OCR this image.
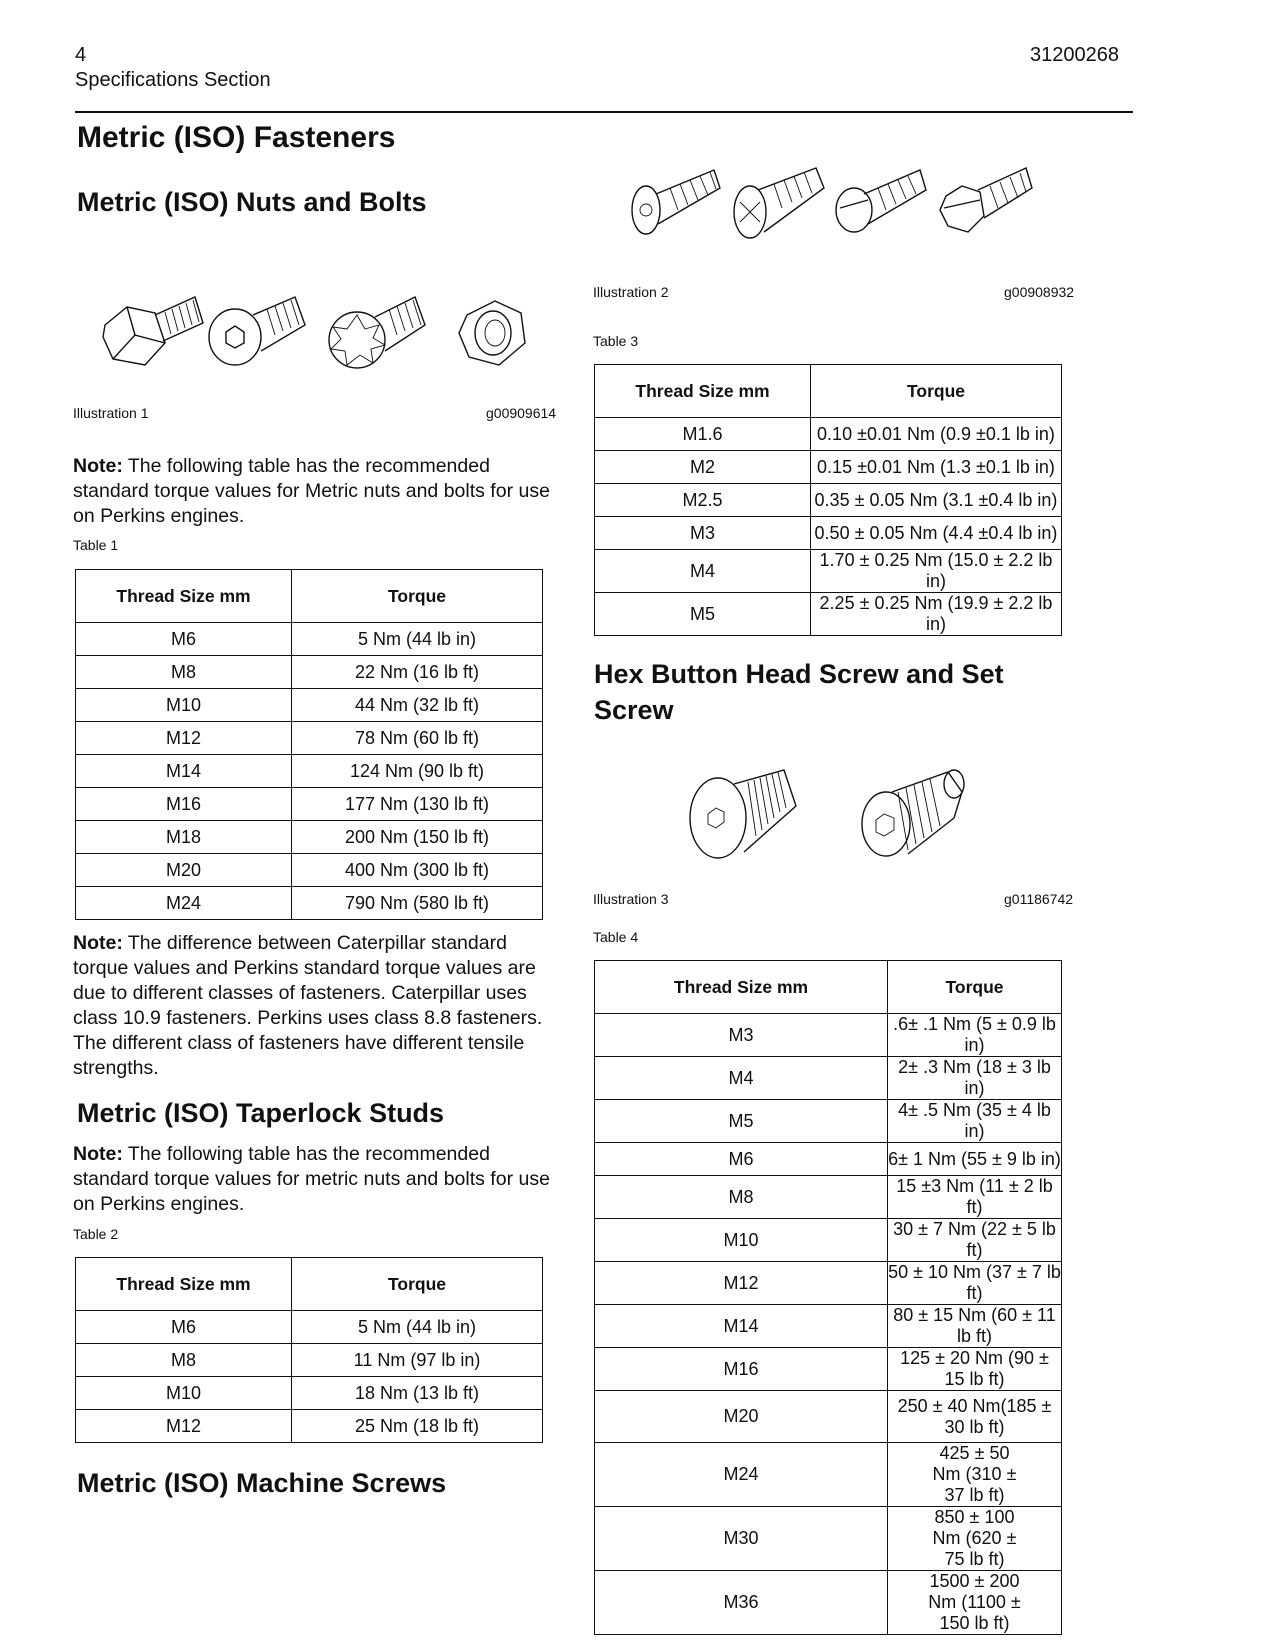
4
Specifications Section
31200268
Metric (ISO) Fasteners
Metric (ISO) Nuts and Bolts
Illustration 1	g00909614
Note: The following table has the recommended standard torque values for Metric nuts and bolts for use on Perkins engines.
Table 1
Thread Size mm	Torque
M6	5 Nm (44 lb in)
M8	22 Nm (16 lb ft)
M10	44 Nm (32 lb ft)
M12	78 Nm (60 lb ft)
M14	124 Nm (90 lb ft)
M16	177 Nm (130 lb ft)
M18	200 Nm (150 lb ft)
M20	400 Nm (300 lb ft)
M24	790 Nm (580 lb ft)
Note: The difference between Caterpillar standard torque values and Perkins standard torque values are due to different classes of fasteners. Caterpillar uses class 10.9 fasteners. Perkins uses class 8.8 fasteners. The different class of fasteners have different tensile strengths.
Metric (ISO) Taperlock Studs
Note: The following table has the recommended standard torque values for metric nuts and bolts for use on Perkins engines.
Table 2
Thread Size mm	Torque
M6	5 Nm (44 lb in)
M8	11 Nm (97 lb in)
M10	18 Nm (13 lb ft)
M12	25 Nm (18 lb ft)
Metric (ISO) Machine Screws
Illustration 2	g00908932
Table 3
Thread Size mm	Torque
M1.6	0.10 ±0.01 Nm (0.9 ±0.1 lb in)
M2	0.15 ±0.01 Nm (1.3 ±0.1 lb in)
M2.5	0.35 ± 0.05 Nm (3.1 ±0.4 lb in)
M3	0.50 ± 0.05 Nm (4.4 ±0.4 lb in)
M4	1.70 ± 0.25 Nm (15.0 ± 2.2 lb in)
M5	2.25 ± 0.25 Nm (19.9 ± 2.2 lb in)
Hex Button Head Screw and Set Screw
Illustration 3	g01186742
Table 4
Thread Size mm	Torque
M3	.6± .1 Nm (5 ± 0.9 lb in)
M4	2± .3 Nm (18 ± 3 lb in)
M5	4± .5 Nm (35 ± 4 lb in)
M6	6± 1 Nm (55 ± 9 lb in)
M8	15 ±3 Nm (11 ± 2 lb ft)
M10	30 ± 7 Nm (22 ± 5 lb ft)
M12	50 ± 10 Nm (37 ± 7 lb ft)
M14	80 ± 15 Nm (60 ± 11 lb ft)
M16	125 ± 20 Nm (90 ± 15 lb ft)
M20	250 ± 40 Nm(185 ± 30 lb ft)
M24	425 ± 50 Nm (310 ± 37 lb ft)
M30	850 ± 100 Nm (620 ± 75 lb ft)
M36	1500 ± 200 Nm (1100 ± 150 lb ft)
